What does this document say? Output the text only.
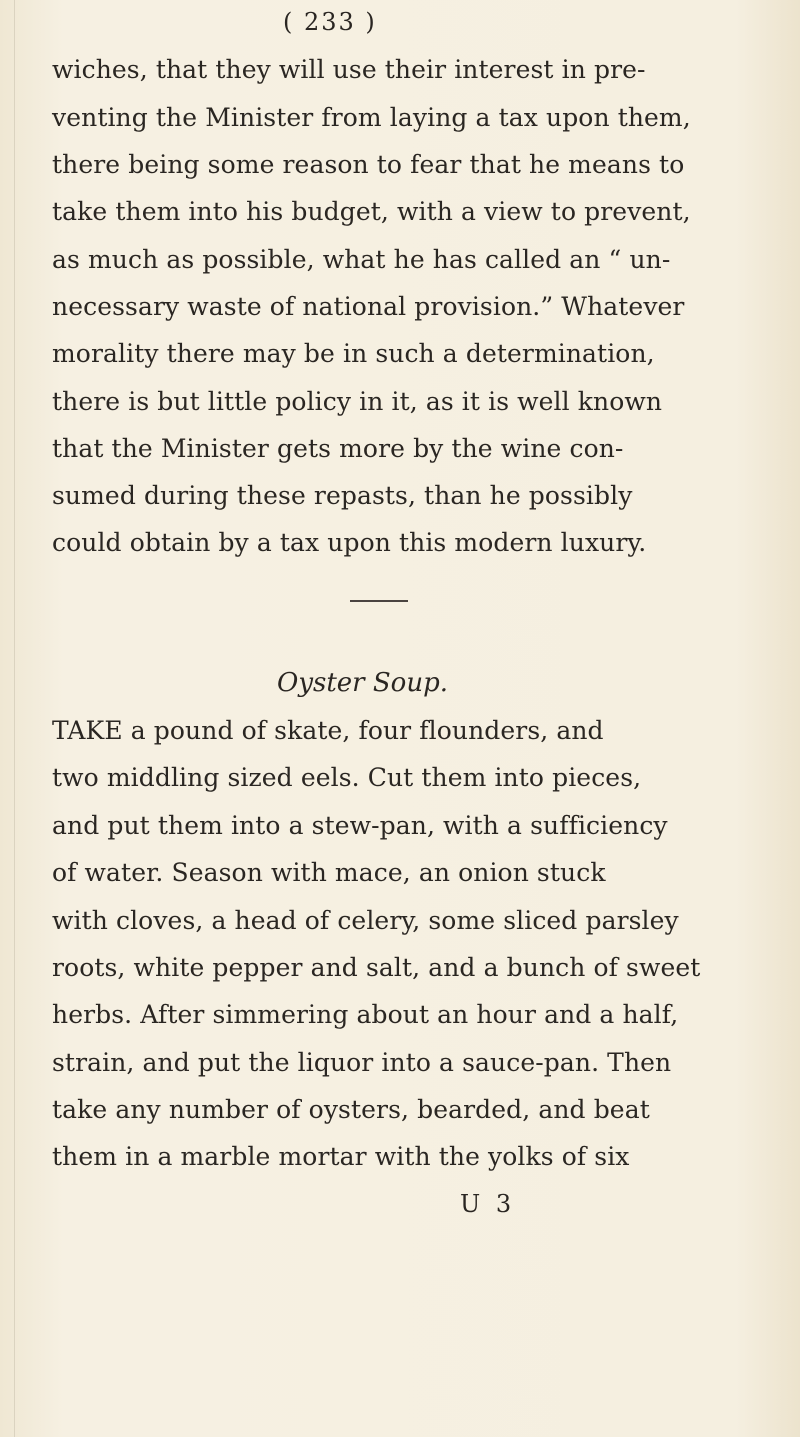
( 233 )
wiches, that they will use their interest in pre-
venting the Minister from laying a tax upon them,
there being some reason to fear that he means to
take them into his budget, with a view to prevent,
as much as possible, what he has called an “ un-
necessary waste of national provision.” Whatever
morality there may be in such a determination,
there is but little policy in it, as it is well known
that the Minister gets more by the wine con-
sumed during these repasts, than he possibly
could obtain by a tax upon this modern luxury.
Oyster Soup.
TAKE a pound of skate, four flounders, and
two middling sized eels. Cut them into pieces,
and put them into a stew-pan, with a sufficiency
of water. Season with mace, an onion stuck
with cloves, a head of celery, some sliced parsley
roots, white pepper and salt, and a bunch of sweet
herbs. After simmering about an hour and a half,
strain, and put the liquor into a sauce-pan. Then
take any number of oysters, bearded, and beat
them in a marble mortar with the yolks of six
U 3
